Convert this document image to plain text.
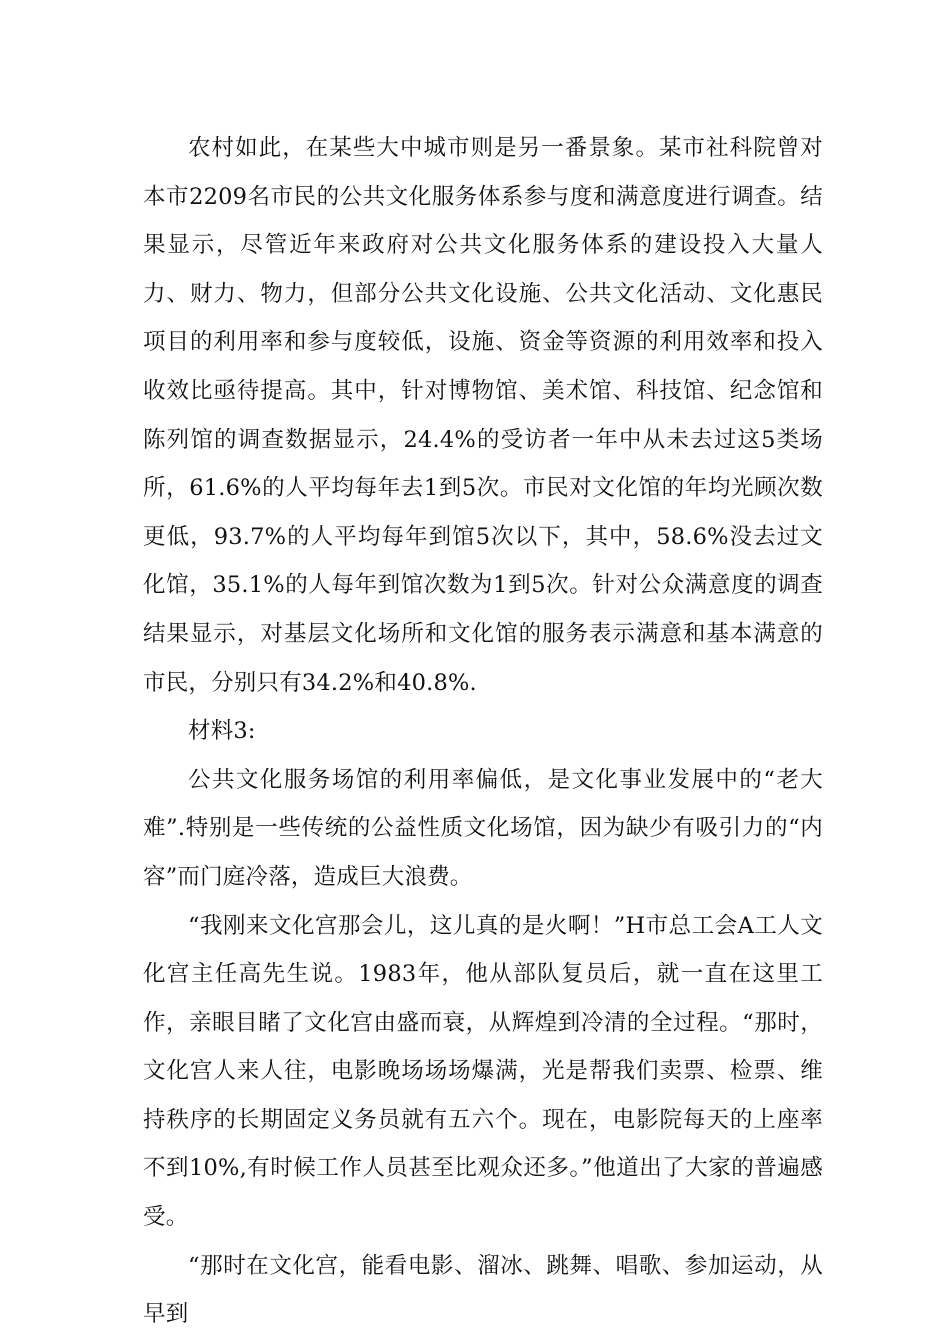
农村如此，在某些大中城市则是另一番景象。某市社科院曾对本市2209名市民的公共文化服务体系参与度和满意度进行调查。结果显示，尽管近年来政府对公共文化服务体系的建设投入大量人力、财力、物力，但部分公共文化设施、公共文化活动、文化惠民项目的利用率和参与度较低，设施、资金等资源的利用效率和投入收效比亟待提高。其中，针对博物馆、美术馆、科技馆、纪念馆和陈列馆的调查数据显示，24.4%的受访者一年中从未去过这5类场所，61.6%的人平均每年去1到5次。市民对文化馆的年均光顾次数更低，93.7%的人平均每年到馆5次以下，其中，58.6%没去过文化馆，35.1%的人每年到馆次数为1到5次。针对公众满意度的调查结果显示，对基层文化场所和文化馆的服务表示满意和基本满意的市民，分别只有34.2%和40.8%.

材料3:

公共文化服务场馆的利用率偏低，是文化事业发展中的“老大难”.特别是一些传统的公益性质文化场馆，因为缺少有吸引力的“内容”而门庭冷落，造成巨大浪费。

“我刚来文化宫那会儿，这儿真的是火啊！”H市总工会A工人文化宫主任高先生说。1983年，他从部队复员后，就一直在这里工作，亲眼目睹了文化宫由盛而衰，从辉煌到冷清的全过程。“那时，文化宫人来人往，电影晚场场场爆满，光是帮我们卖票、检票、维持秩序的长期固定义务员就有五六个。现在，电影院每天的上座率不到10%,有时候工作人员甚至比观众还多。”他道出了大家的普遍感受。

“那时在文化宫，能看电影、溜冰、跳舞、唱歌、参加运动，从早到
